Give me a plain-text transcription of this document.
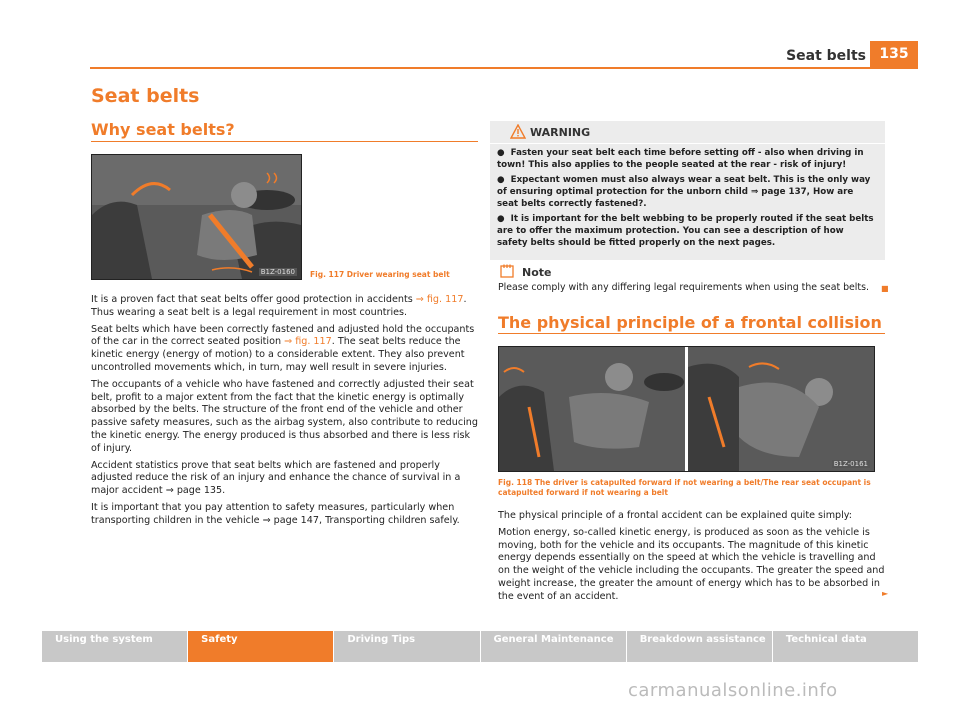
Seat belts 135
Seat belts
Why seat belts?
B1Z-0160 Fig. 117 Driver wearing seat belt

It is a proven fact that seat belts offer good protection in accidents ⇒ fig. 117. Thus wearing a seat belt is a legal requirement in most countries.

Seat belts which have been correctly fastened and adjusted hold the occupants of the car in the correct seated position ⇒ fig. 117. The seat belts reduce the kinetic energy (energy of motion) to a considerable extent. They also prevent uncontrolled movements which, in turn, may well result in severe injuries.

The occupants of a vehicle who have fastened and correctly adjusted their seat belt, profit to a major extent from the fact that the kinetic energy is optimally absorbed by the belts. The structure of the front end of the vehicle and other passive safety measures, such as the airbag system, also contribute to reducing the kinetic energy. The energy produced is thus absorbed and there is less risk of injury.

Accident statistics prove that seat belts which are fastened and properly adjusted reduce the risk of an injury and enhance the chance of survival in a major accident ⇒ page 135.

It is important that you pay attention to safety measures, particularly when transporting children in the vehicle ⇒ page 147, Transporting children safely.

WARNING

●  Fasten your seat belt each time before setting off - also when driving in town! This also applies to the people seated at the rear - risk of injury!

●  Expectant women must also always wear a seat belt. This is the only way of ensuring optimal protection for the unborn child ⇒ page 137, How are seat belts correctly fastened?.

●  It is important for the belt webbing to be properly routed if the seat belts are to offer the maximum protection. You can see a description of how safety belts should be fitted properly on the next pages.

Note
Please comply with any differing legal requirements when using the seat belts. ■
The physical principle of a frontal collision
B1Z-0161
Fig. 118 The driver is catapulted forward if not wearing a belt/The rear seat occupant is catapulted forward if not wearing a belt

The physical principle of a frontal accident can be explained quite simply:

Motion energy, so-called kinetic energy, is produced as soon as the vehicle is moving, both for the vehicle and its occupants. The magnitude of this kinetic energy depends essentially on the speed at which the vehicle is travelling and on the weight of the vehicle including the occupants. The greater the speed and weight increase, the greater the amount of energy which has to be absorbed in the event of an accident.	►
Using the system	Safety	Driving Tips	General Maintenance	Breakdown assistance	Technical data
carmanualsonline.info
